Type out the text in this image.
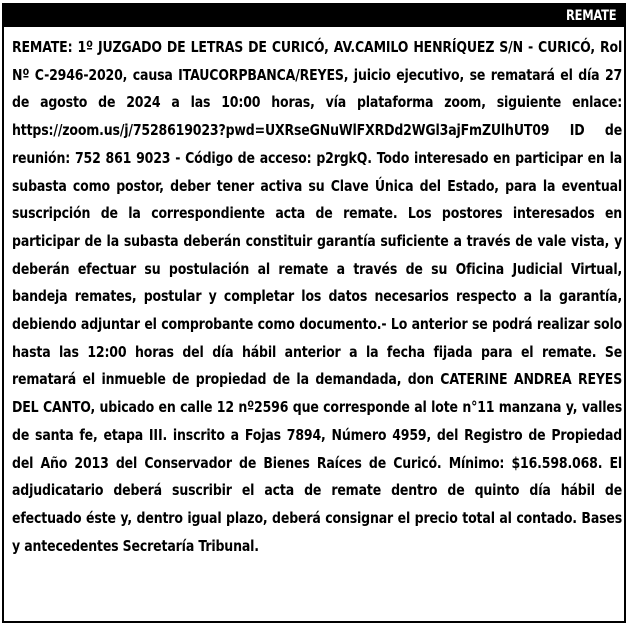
REMATE
REMATE: 1º JUZGADO DE LETRAS DE CURICÓ, AV.CAMILO HENRÍQUEZ S/N - CURICÓ, Rol Nº C-2946-2020, causa ITAUCORPBANCA/REYES, juicio ejecutivo, se rematará el día 27 de agosto de 2024 a las 10:00 horas, vía plataforma zoom, siguiente enlace: https://zoom.us/j/7528619023?pwd=UXRseGNuWlFXRDd2WGl3ajFmZUlhUT09 ID de reunión: 752 861 9023 - Código de acceso: p2rgkQ. Todo interesado en participar en la subasta como postor, deber tener activa su Clave Única del Estado, para la eventual suscripción de la correspondiente acta de remate. Los postores interesados en participar de la subasta deberán constituir garantía suficiente a través de vale vista, y deberán efectuar su postulación al remate a través de su Oficina Judicial Virtual, bandeja remates, postular y completar los datos necesarios respecto a la garantía, debiendo adjuntar el comprobante como documento.- Lo anterior se podrá realizar solo hasta las 12:00 horas del día hábil anterior a la fecha fijada para el remate. Se rematará el inmueble de propiedad de la demandada, don CATERINE ANDREA REYES DEL CANTO, ubicado en calle 12 nº2596 que corresponde al lote n°11 manzana y, valles de santa fe, etapa III. inscrito a Fojas 7894, Número 4959, del Registro de Propiedad del Año 2013 del Conservador de Bienes Raíces de Curicó. Mínimo: $16.598.068. El adjudicatario deberá suscribir el acta de remate dentro de quinto día hábil de efectuado éste y, dentro igual plazo, deberá consignar el precio total al contado. Bases y antecedentes Secretaría Tribunal.
